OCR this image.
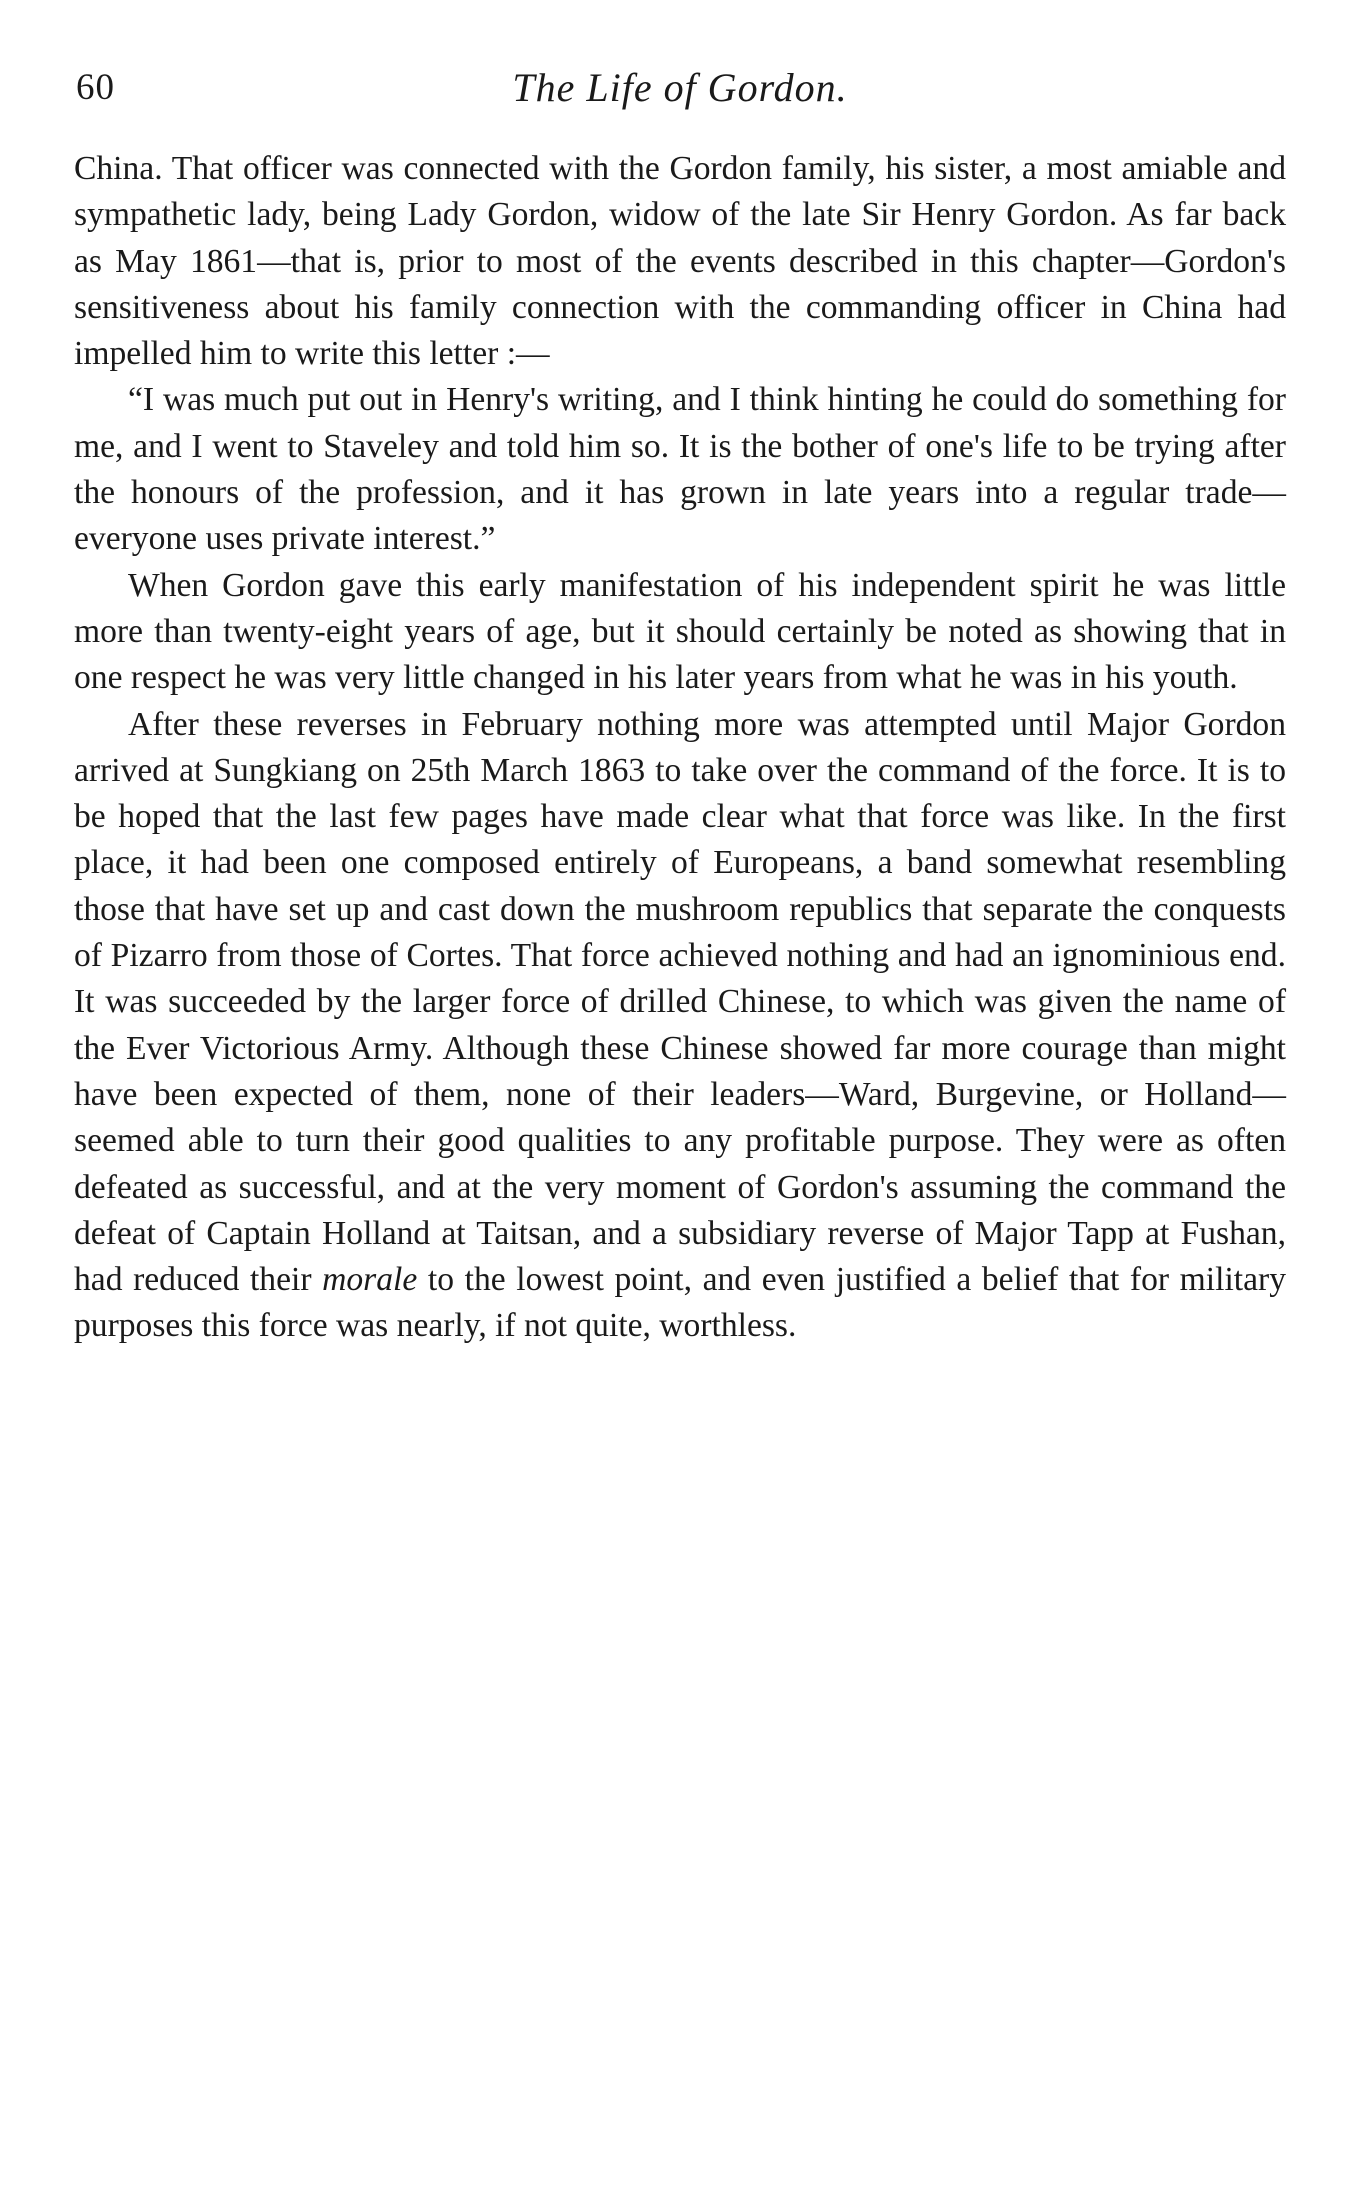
60	The Life of Gordon.

China. That officer was connected with the Gordon family, his sister, a most amiable and sympathetic lady, being Lady Gordon, widow of the late Sir Henry Gordon. As far back as May 1861—that is, prior to most of the events described in this chapter—Gordon's sensitiveness about his family connection with the commanding officer in China had impelled him to write this letter :—

“I was much put out in Henry's writing, and I think hinting he could do something for me, and I went to Staveley and told him so. It is the bother of one's life to be trying after the honours of the profession, and it has grown in late years into a regular trade—everyone uses private interest.”

When Gordon gave this early manifestation of his independent spirit he was little more than twenty-eight years of age, but it should certainly be noted as showing that in one respect he was very little changed in his later years from what he was in his youth.

After these reverses in February nothing more was attempted until Major Gordon arrived at Sungkiang on 25th March 1863 to take over the command of the force. It is to be hoped that the last few pages have made clear what that force was like. In the first place, it had been one composed entirely of Europeans, a band somewhat resembling those that have set up and cast down the mushroom republics that separate the conquests of Pizarro from those of Cortes. That force achieved nothing and had an ignominious end. It was succeeded by the larger force of drilled Chinese, to which was given the name of the Ever Victorious Army. Although these Chinese showed far more courage than might have been expected of them, none of their leaders—Ward, Burgevine, or Holland—seemed able to turn their good qualities to any profitable purpose. They were as often defeated as successful, and at the very moment of Gordon's assuming the command the defeat of Captain Holland at Taitsan, and a subsidiary reverse of Major Tapp at Fushan, had reduced their morale to the lowest point, and even justified a belief that for military purposes this force was nearly, if not quite, worthless.
